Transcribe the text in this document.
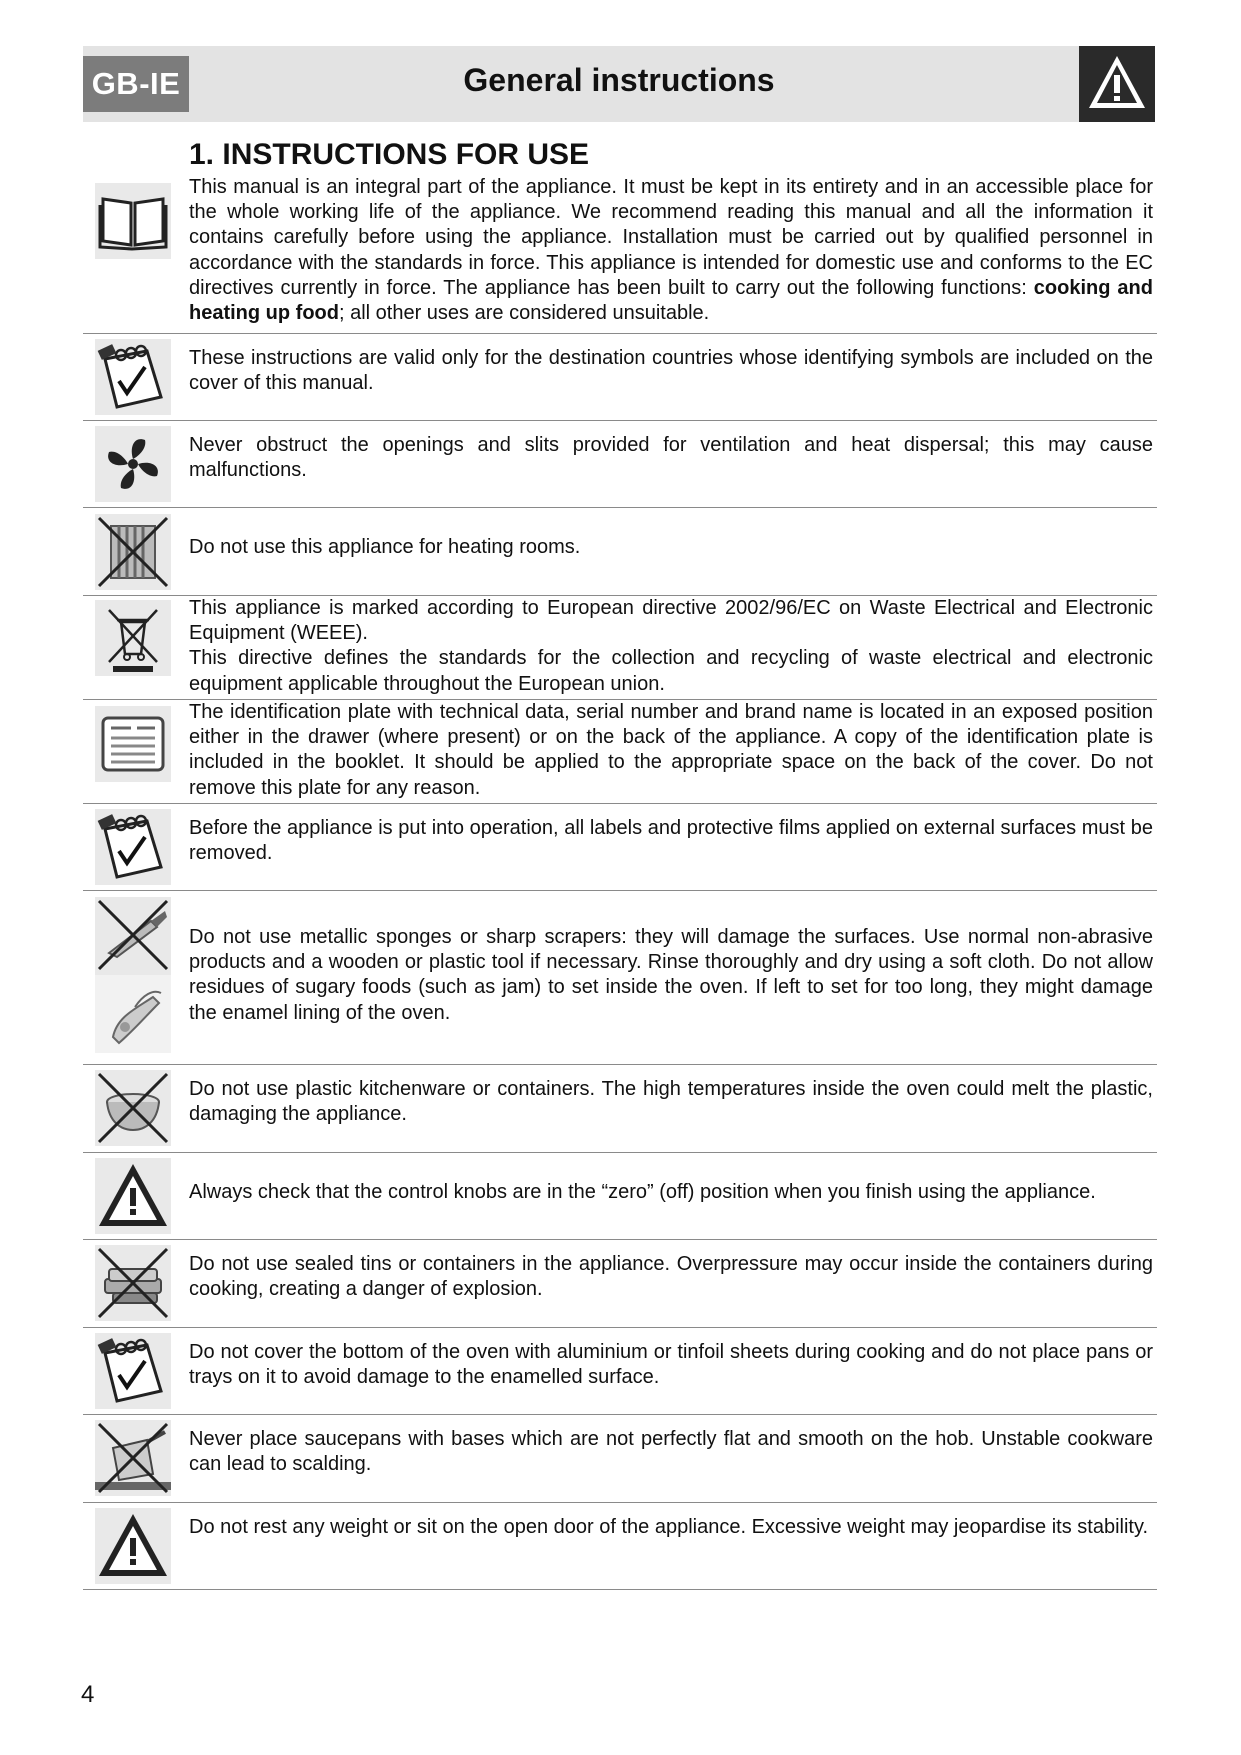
GB-IE	General instructions
1. INSTRUCTIONS FOR USE
This manual is an integral part of the appliance. It must be kept in its entirety and in an accessible place for the whole working life of the appliance. We recommend reading this manual and all the information it contains carefully before using the appliance. Installation must be carried out by qualified personnel in accordance with the standards in force. This appliance is intended for domestic use and conforms to the EC directives currently in force. The appliance has been built to carry out the following functions: cooking and heating up food; all other uses are considered unsuitable.
These instructions are valid only for the destination countries whose identifying symbols are included on the cover of this manual.
Never obstruct the openings and slits provided for ventilation and heat dispersal; this may cause malfunctions.
Do not use this appliance for heating rooms.
This appliance is marked according to European directive 2002/96/EC on Waste Electrical and Electronic Equipment (WEEE).
This directive defines the standards for the collection and recycling of waste electrical and electronic equipment applicable throughout the European union.
The identification plate with technical data, serial number and brand name is located in an exposed position either in the drawer (where present) or on the back of the appliance. A copy of the identification plate is included in the booklet. It should be applied to the appropriate space on the back of the cover. Do not remove this plate for any reason.
Before the appliance is put into operation, all labels and protective films applied on external surfaces must be removed.
Do not use metallic sponges or sharp scrapers: they will damage the surfaces. Use normal non-abrasive products and a wooden or plastic tool if necessary. Rinse thoroughly and dry using a soft cloth. Do not allow residues of sugary foods (such as jam) to set inside the oven. If left to set for too long, they might damage the enamel lining of the oven.
Do not use plastic kitchenware or containers. The high temperatures inside the oven could melt the plastic, damaging the appliance.
Always check that the control knobs are in the “zero” (off) position when you finish using the appliance.
Do not use sealed tins or containers in the appliance. Overpressure may occur inside the containers during cooking, creating a danger of explosion.
Do not cover the bottom of the oven with aluminium or tinfoil sheets during cooking and do not place pans or trays on it to avoid damage to the enamelled surface.
Never place saucepans with bases which are not perfectly flat and smooth on the hob. Unstable cookware can lead to scalding.
Do not rest any weight or sit on the open door of the appliance. Excessive weight may jeopardise its stability.
4
